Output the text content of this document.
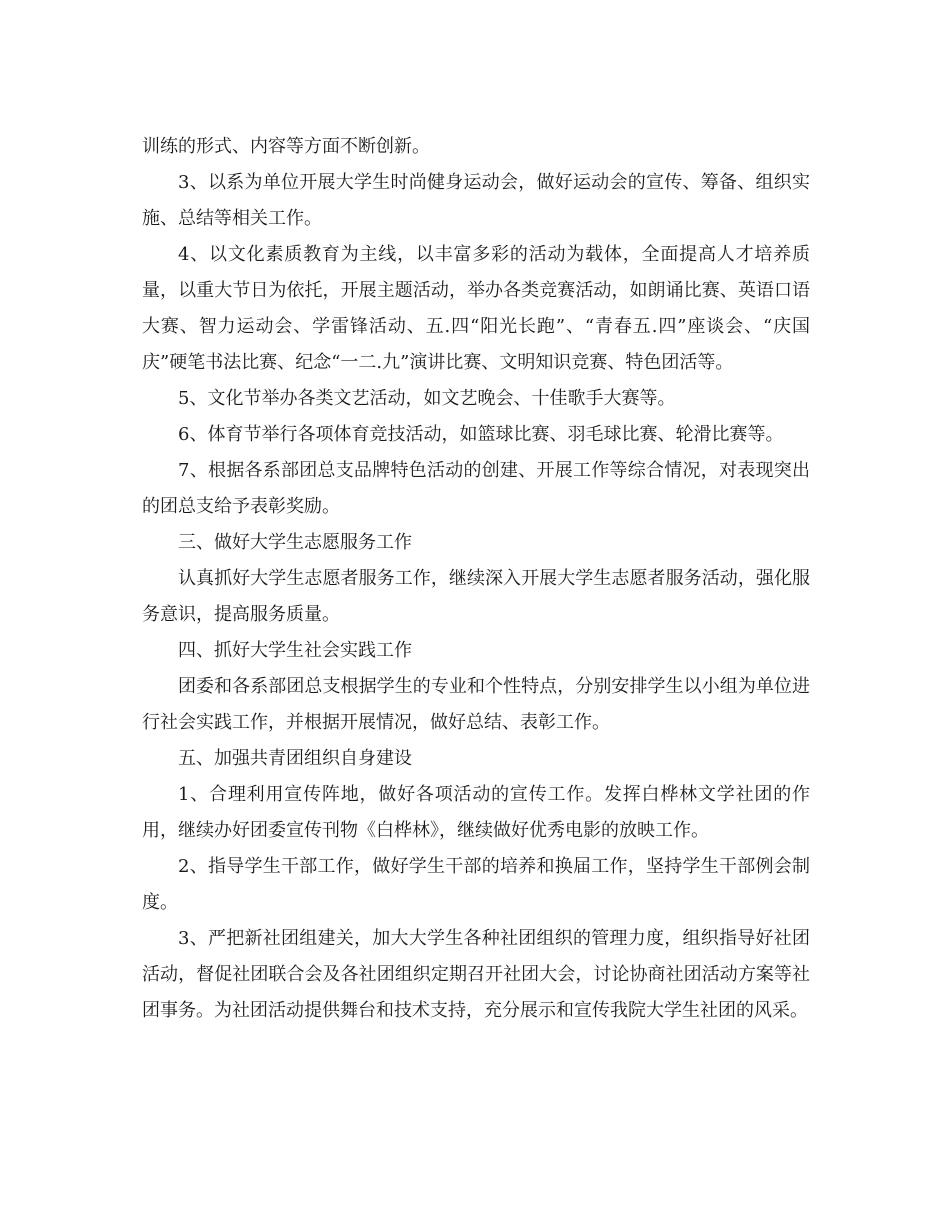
训练的形式、内容等方面不断创新。

3、以系为单位开展大学生时尚健身运动会，做好运动会的宣传、筹备、组织实施、总结等相关工作。

4、以文化素质教育为主线，以丰富多彩的活动为载体，全面提高人才培养质量，以重大节日为依托，开展主题活动，举办各类竞赛活动，如朗诵比赛、英语口语大赛、智力运动会、学雷锋活动、五.四“阳光长跑”、“青春五.四”座谈会、“庆国庆”硬笔书法比赛、纪念“一二.九”演讲比赛、文明知识竞赛、特色团活等。

5、文化节举办各类文艺活动，如文艺晚会、十佳歌手大赛等。

6、体育节举行各项体育竞技活动，如篮球比赛、羽毛球比赛、轮滑比赛等。

7、根据各系部团总支品牌特色活动的创建、开展工作等综合情况，对表现突出的团总支给予表彰奖励。

三、做好大学生志愿服务工作

认真抓好大学生志愿者服务工作，继续深入开展大学生志愿者服务活动，强化服务意识，提高服务质量。

四、抓好大学生社会实践工作

团委和各系部团总支根据学生的专业和个性特点，分别安排学生以小组为单位进行社会实践工作，并根据开展情况，做好总结、表彰工作。

五、加强共青团组织自身建设

1、合理利用宣传阵地，做好各项活动的宣传工作。发挥白桦林文学社团的作用，继续办好团委宣传刊物《白桦林》，继续做好优秀电影的放映工作。

2、指导学生干部工作，做好学生干部的培养和换届工作，坚持学生干部例会制度。

3、严把新社团组建关，加大大学生各种社团组织的管理力度，组织指导好社团活动，督促社团联合会及各社团组织定期召开社团大会，讨论协商社团活动方案等社团事务。为社团活动提供舞台和技术支持，充分展示和宣传我院大学生社团的风采。
